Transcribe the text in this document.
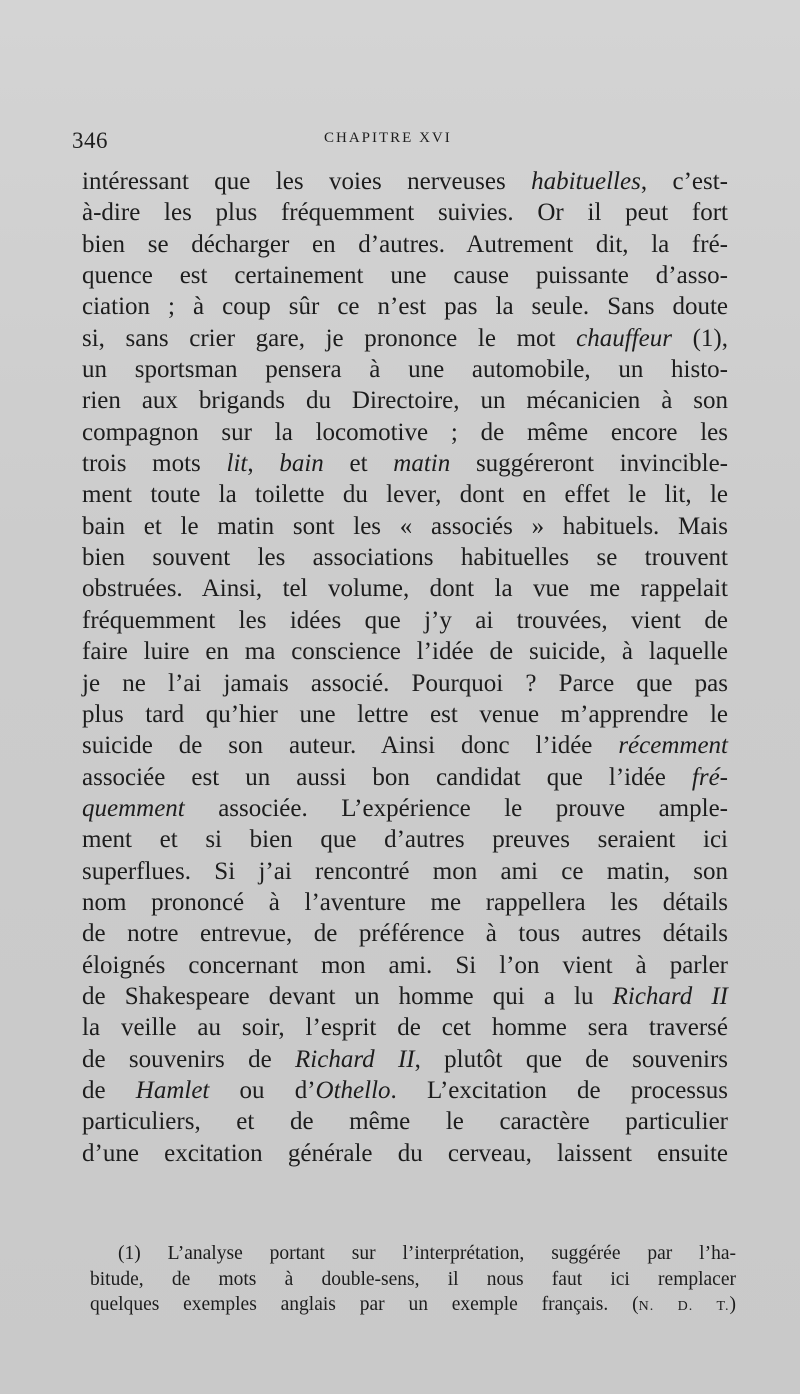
346	CHAPITRE XVI
intéressant que les voies nerveuses habituelles, c’est-
à-dire les plus fréquemment suivies. Or il peut fort
bien se décharger en d’autres. Autrement dit, la fré-
quence est certainement une cause puissante d’asso-
ciation ; à coup sûr ce n’est pas la seule. Sans doute
si, sans crier gare, je prononce le mot chauffeur (1),
un sportsman pensera à une automobile, un histo-
rien aux brigands du Directoire, un mécanicien à son
compagnon sur la locomotive ; de même encore les
trois mots lit, bain et matin suggéreront invincible-
ment toute la toilette du lever, dont en effet le lit, le
bain et le matin sont les « associés » habituels. Mais
bien souvent les associations habituelles se trouvent
obstruées. Ainsi, tel volume, dont la vue me rappelait
fréquemment les idées que j’y ai trouvées, vient de
faire luire en ma conscience l’idée de suicide, à laquelle
je ne l’ai jamais associé. Pourquoi ? Parce que pas
plus tard qu’hier une lettre est venue m’apprendre le
suicide de son auteur. Ainsi donc l’idée récemment
associée est un aussi bon candidat que l’idée fré-
quemment associée. L’expérience le prouve ample-
ment et si bien que d’autres preuves seraient ici
superflues. Si j’ai rencontré mon ami ce matin, son
nom prononcé à l’aventure me rappellera les détails
de notre entrevue, de préférence à tous autres détails
éloignés concernant mon ami. Si l’on vient à parler
de Shakespeare devant un homme qui a lu Richard II
la veille au soir, l’esprit de cet homme sera traversé
de souvenirs de Richard II, plutôt que de souvenirs
de Hamlet ou d’Othello. L’excitation de processus
particuliers, et de même le caractère particulier
d’une excitation générale du cerveau, laissent ensuite
(1) L’analyse portant sur l’interprétation, suggérée par l’ha-
bitude, de mots à double-sens, il nous faut ici remplacer
quelques exemples anglais par un exemple français. (N. D. T.)
